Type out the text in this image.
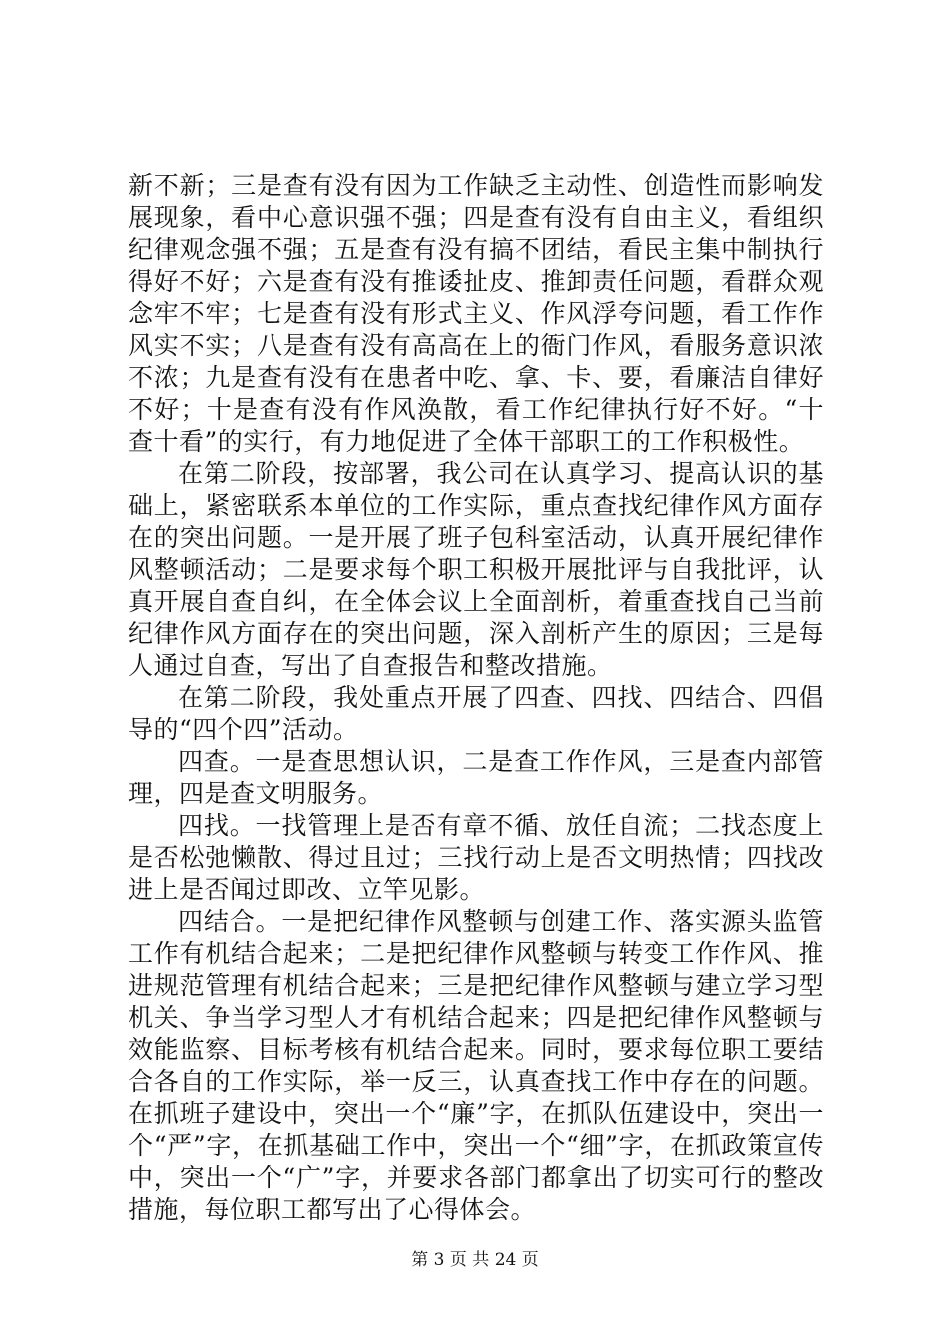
新不新；三是查有没有因为工作缺乏主动性、创造性而影响发展现象，看中心意识强不强；四是查有没有自由主义，看组织纪律观念强不强；五是查有没有搞不团结，看民主集中制执行得好不好；六是查有没有推诿扯皮、推卸责任问题，看群众观念牢不牢；七是查有没有形式主义、作风浮夸问题，看工作作风实不实；八是查有没有高高在上的衙门作风，看服务意识浓不浓；九是查有没有在患者中吃、拿、卡、要，看廉洁自律好不好；十是查有没有作风涣散，看工作纪律执行好不好。“十查十看”的实行，有力地促进了全体干部职工的工作积极性。

在第二阶段，按部署，我公司在认真学习、提高认识的基础上，紧密联系本单位的工作实际，重点查找纪律作风方面存在的突出问题。一是开展了班子包科室活动，认真开展纪律作风整顿活动；二是要求每个职工积极开展批评与自我批评，认真开展自查自纠，在全体会议上全面剖析，着重查找自己当前纪律作风方面存在的突出问题，深入剖析产生的原因；三是每人通过自查，写出了自查报告和整改措施。

在第二阶段，我处重点开展了四查、四找、四结合、四倡导的“四个四”活动。

四查。一是查思想认识，二是查工作作风，三是查内部管理，四是查文明服务。

四找。一找管理上是否有章不循、放任自流；二找态度上是否松弛懒散、得过且过；三找行动上是否文明热情；四找改进上是否闻过即改、立竿见影。

四结合。一是把纪律作风整顿与创建工作、落实源头监管工作有机结合起来；二是把纪律作风整顿与转变工作作风、推进规范管理有机结合起来；三是把纪律作风整顿与建立学习型机关、争当学习型人才有机结合起来；四是把纪律作风整顿与效能监察、目标考核有机结合起来。同时，要求每位职工要结合各自的工作实际，举一反三，认真查找工作中存在的问题。在抓班子建设中，突出一个“廉”字，在抓队伍建设中，突出一个“严”字，在抓基础工作中，突出一个“细”字，在抓政策宣传中，突出一个“广”字，并要求各部门都拿出了切实可行的整改措施，每位职工都写出了心得体会。

第 3 页 共 24 页
